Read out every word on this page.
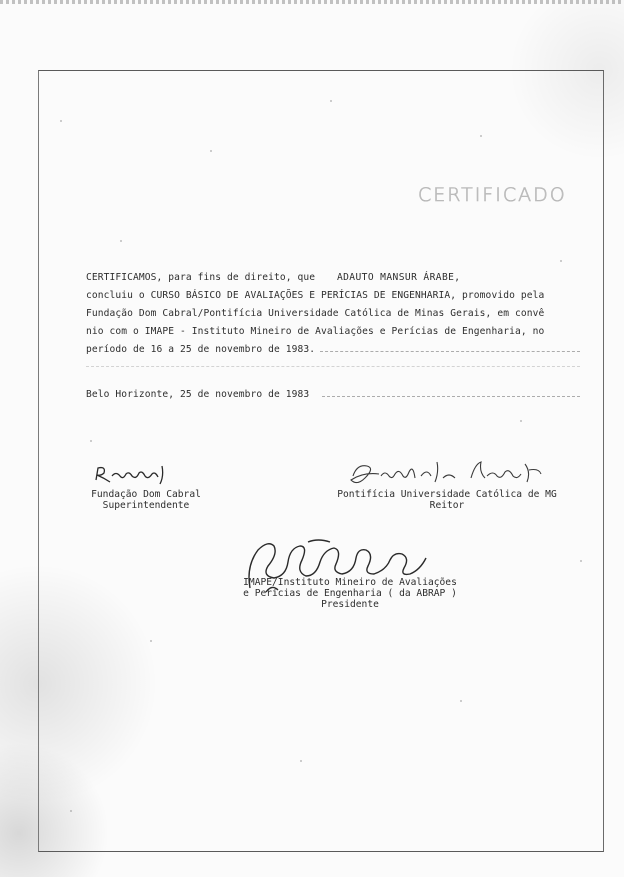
CERTIFICADO
CERTIFICAMOS, para fins de direito, que ADAUTO MANSUR ÁRABE,
concluiu o CURSO BÁSICO DE AVALIAÇÕES E PERÍCIAS DE ENGENHARIA, promovido pela
Fundação Dom Cabral/Pontifícia Universidade Católica de Minas Gerais, em convê
nio com o IMAPE - Instituto Mineiro de Avaliações e Perícias de Engenharia, no
período de 16 a 25 de novembro de 1983.
Belo Horizonte, 25 de novembro de 1983
Fundação Dom Cabral
Superintendente
Pontifícia Universidade Católica de MG
Reitor
IMAPE/Instituto Mineiro de Avaliações
e Perícias de Engenharia ( da ABRAP )
Presidente
